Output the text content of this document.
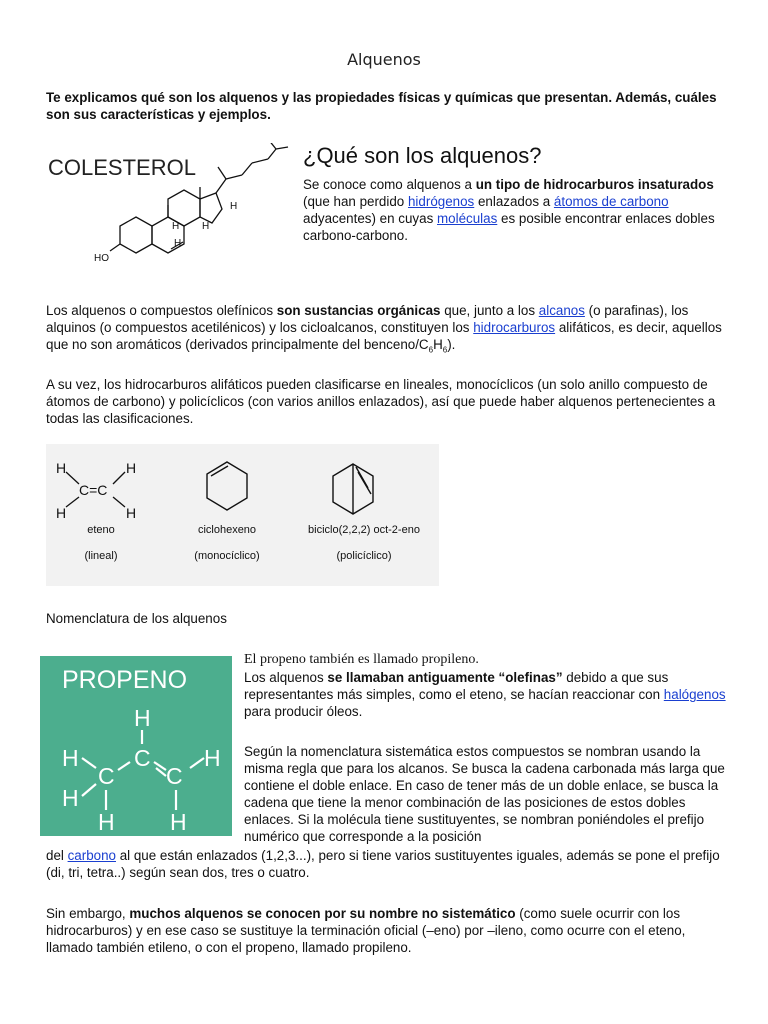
Alquenos
Te explicamos qué son los alquenos y las propiedades físicas y químicas que presentan. Además, cuáles son sus características y ejemplos.
COLESTEROL
HO
H
H H
H
¿Qué son los alquenos?
Se conoce como alquenos a un tipo de hidrocarburos insaturados (que han perdido hidrógenos enlazados a átomos de carbono adyacentes) en cuyas moléculas es posible encontrar enlaces dobles carbono-carbono.
Los alquenos o compuestos olefínicos son sustancias orgánicas que, junto a los alcanos (o parafinas), los alquinos (o compuestos acetilénicos) y los cicloalcanos, constituyen los hidrocarburos alifáticos, es decir, aquellos que no son aromáticos (derivados principalmente del benceno/$C_6H_6$).
A su vez, los hidrocarburos alifáticos pueden clasificarse en lineales, monocíclicos (un solo anillo compuesto de átomos de carbono) y policíclicos (con varios anillos enlazados), así que puede haber alquenos pertenecientes a todas las clasificaciones.
H	H
H	H
C=C
eteno
(lineal)
ciclohexeno
(monocíclico)
biciclo(2,2,2) oct-2-eno
(policíclico)
Nomenclatura de los alquenos
PROPENO
H
C
H
C C
H
H
H H
El propeno también es llamado propileno.
Los alquenos se llamaban antiguamente “olefinas” debido a que sus representantes más simples, como el eteno, se hacían reaccionar con halógenos para producir óleos.
Según la nomenclatura sistemática estos compuestos se nombran usando la misma regla que para los alcanos. Se busca la cadena carbonada más larga que contiene el doble enlace. En caso de tener más de un doble enlace, se busca la cadena que tiene la menor combinación de las posiciones de estos dobles enlaces. Si la molécula tiene sustituyentes, se nombran poniéndoles el prefijo numérico que corresponde a la posición
del carbono al que están enlazados (1,2,3...), pero si tiene varios sustituyentes iguales, además se pone el prefijo (di, tri, tetra..) según sean dos, tres o cuatro.
Sin embargo, muchos alquenos se conocen por su nombre no sistemático (como suele ocurrir con los hidrocarburos) y en ese caso se sustituye la terminación oficial (–eno) por –ileno, como ocurre con el eteno, llamado también etileno, o con el propeno, llamado propileno.
